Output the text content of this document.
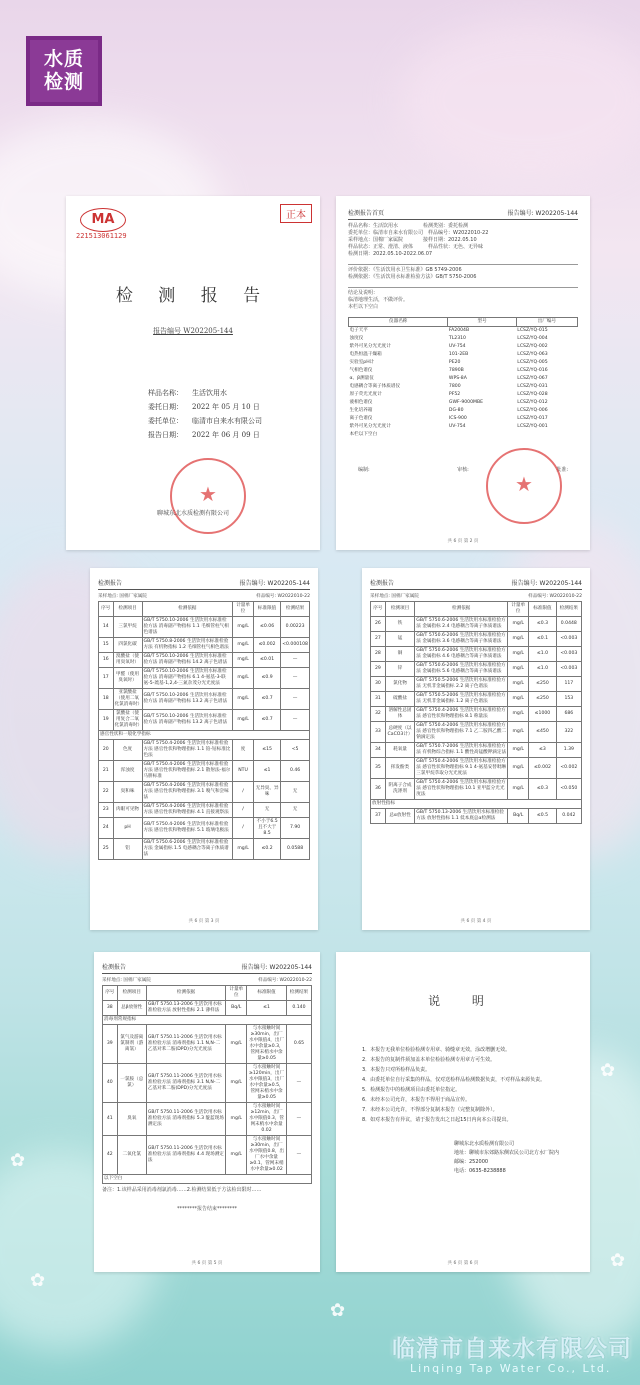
水质
检测
MA
221513061129
正本
检 测 报 告
报告编号 W202205-144
样品名称： 生活饮用水
委托日期： 2022 年 05 月 10 日
委托单位： 临清市自来水有限公司
报告日期： 2022 年 06 月 09 日
★
聊城东北水质检测有限公司
检测报告首页	报告编号: W202205-144
样品名称：生活饮用水　　　　　检测类别：委托检测
委托单位：临清市自来水有限公司　样品编号：W2022010-22
采样地点：国棉厂家属院　　　　接样日期：2022.05.10
样品状态：正常、澄清、液体　　　样品性状：无色、无异味
检测日期：2022.05.10-2022.06.07
评价依据：《生活饮用水卫生标准》GB 5749-2006
检测依据：《生活饮用水标准检验方法》GB/T 5750-2006
结论及说明：
临清地理生活，不做评价。
本栏以下空白
仪器名称	型号	出厂编号
电子天平	FA2004B	LCSZ/YQ-015
浊度仪	TL2310	LCSZ/YQ-004
紫外可见分光光度计	UV-754	LCSZ/YQ-002
电热恒温干燥箱	101-2EB	LCSZ/YQ-063
实验室pH计	PE20	LCSZ/YQ-005
气相色谱仪	7890B	LCSZ/YQ-016
α、β测量仪	WPS-8A	LCSZ/YQ-067
电感耦合等离子体质谱仪	7800	LCSZ/YQ-031
原子荧光光度计	PF52	LCSZ/YQ-028
液相色谱仪	GWF-9000MBE	LCSZ/YQ-012
生化培养箱	DG-80	LCSZ/YQ-006
离子色谱仪	ICS-900	LCSZ/YQ-017
紫外可见分光光度计	UV-754	LCSZ/YQ-001
本栏以下空白		
编制:	审核:	批准:
★
共 6 页 第 2 页
检测报告	报告编号: W202205-144
采样地点: 国棉厂家属院	样品编号: W2022010-22
序号	检测项目	检测依据	计量单位	标准限值	检测结果
14	三氯甲烷	GB/T 5750.10-2006 生活饮用水标准检验方法 消毒副产物指标 1.1 毛细管柱气相色谱法	mg/L	≤0.06	0.00223
15	四氯化碳	GB/T 5750.8-2006 生活饮用水标准检验方法 有机物指标 1.2 毛细管柱气相色谱法	mg/L	≤0.002	<0.000108
16	溴酸盐（使用臭氧时）	GB/T 5750.10-2006 生活饮用水标准检验方法 消毒副产物指标 14.2 离子色谱法	mg/L	≤0.01	—
17	甲醛（使用臭氧时）	GB/T 5750.10-2006 生活饮用水标准检验方法 消毒副产物指标 6.1 4-氨基-3-联氨-5-巯基-1,2,4-三氮杂茂分光光度法	mg/L	≤0.9	—
18	亚氯酸盐（使用二氧化氯消毒时）	GB/T 5750.10-2006 生活饮用水标准检验方法 消毒副产物指标 13.2 离子色谱法	mg/L	≤0.7	—
19	氯酸盐（使用复合二氧化氯消毒时）	GB/T 5750.10-2006 生活饮用水标准检验方法 消毒副产物指标 13.2 离子色谱法	mg/L	≤0.7	—
感官性状和一般化学指标					
20	色度	GB/T 5750.4-2006 生活饮用水标准检验方法 感官性状和物理指标 1.1 铂-钴标准比色法	度	≤15	<5
21	浑浊度	GB/T 5750.4-2006 生活饮用水标准检验方法 感官性状和物理指标 2.1 散射法-福尔马肼标准	NTU	≤1	0.46
22	臭和味	GB/T 5750.4-2006 生活饮用水标准检验方法 感官性状和物理指标 3.1 嗅气和尝味法	/	无异臭、异味	无
23	肉眼可见物	GB/T 5750.4-2006 生活饮用水标准检验方法 感官性状和物理指标 4.1 直接观察法	/	无	无
24	pH	GB/T 5750.4-2006 生活饮用水标准检验方法 感官性状和物理指标 5.1 玻璃电极法	/	不小于6.5且不大于8.5	7.90
25	铝	GB/T 5750.6-2006 生活饮用水标准检验方法 金属指标 1.5 电感耦合等离子体质谱法	mg/L	≤0.2	0.0588
共 6 页 第 3 页
检测报告	报告编号: W202205-144
采样地点: 国棉厂家属院	样品编号: W2022010-22
序号	检测项目	检测依据	计量单位	标准限值	检测结果
26	铁	GB/T 5750.6-2006 生活饮用水标准检验方法 金属指标 2.4 电感耦合等离子体质谱法	mg/L	≤0.3	0.0448
27	锰	GB/T 5750.6-2006 生活饮用水标准检验方法 金属指标 3.6 电感耦合等离子体质谱法	mg/L	≤0.1	<0.003
28	铜	GB/T 5750.6-2006 生活饮用水标准检验方法 金属指标 4.6 电感耦合等离子体质谱法	mg/L	≤1.0	<0.003
29	锌	GB/T 5750.6-2006 生活饮用水标准检验方法 金属指标 5.6 电感耦合等离子体质谱法	mg/L	≤1.0	<0.003
30	氯化物	GB/T 5750.5-2006 生活饮用水标准检验方法 无机非金属指标 2.2 离子色谱法	mg/L	≤250	117
31	硫酸盐	GB/T 5750.5-2006 生活饮用水标准检验方法 无机非金属指标 1.2 离子色谱法	mg/L	≤250	153
32	溶解性总固体	GB/T 5750.4-2006 生活饮用水标准检验方法 感官性状和物理指标 8.1 称量法	mg/L	≤1000	686
33	总硬度（以CaCO3计）	GB/T 5750.4-2006 生活饮用水标准检验方法 感官性状和物理指标 7.1 乙二胺四乙酸二钠滴定法	mg/L	≤450	322
34	耗氧量	GB/T 5750.7-2006 生活饮用水标准检验方法 有机物综合指标 1.1 酸性高锰酸钾滴定法	mg/L	≤3	1.39
35	挥发酚类	GB/T 5750.4-2006 生活饮用水标准检验方法 感官性状和物理指标 9.1 4-氨基安替吡啉三氯甲烷萃取分光光度法	mg/L	≤0.002	<0.002
36	阴离子合成洗涤剂	GB/T 5750.4-2006 生活饮用水标准检验方法 感官性状和物理指标 10.1 亚甲蓝分光光度法	mg/L	≤0.3	<0.050
放射性指标					
37	总α放射性	GB/T 5750.13-2006 生活饮用水标准检验方法 放射性指标 1.1 低本底总α检测法	Bq/L	≤0.5	0.042
共 6 页 第 4 页
检测报告	报告编号: W202205-144
采样地点: 国棉厂家属院	样品编号: W2022010-22
序号	检测项目	检测依据	计量单位	标准限值	检测结果
38	总β放射性	GB/T 5750.13-2006 生活饮用水标准检验方法 放射性指标 2.1 薄样法	Bq/L	≤1	0.140
消毒剂常规指标					
39	氯气及游离氯制剂（游离氯）	GB/T 5750.11-2006 生活饮用水标准检验方法 消毒剂指标 1.1 N,N-二乙基对苯二胺(DPD)分光光度法	mg/L	与水接触时间≥30min，出厂水中限值4，出厂水中余量≥0.3，管网末梢水中余量≥0.05	0.65
40	一氯胺（总氯）	GB/T 5750.11-2006 生活饮用水标准检验方法 消毒剂指标 3.1 N,N-二乙基对苯二胺(DPD)分光光度法	mg/L	与水接触时间≥120min，出厂水中限值3，出厂水中余量≥0.5，管网末梢水中余量≥0.05	—
41	臭氧	GB/T 5750.11-2006 生活饮用水标准检验方法 消毒剂指标 5.3 靛蓝现场测定法	mg/L	与水接触时间≥12min，出厂水中限值0.3，管网末梢水中余量0.02	—
42	二氧化氯	GB/T 5750.11-2006 生活饮用水标准检验方法 消毒剂指标 4.4 现场测定法	mg/L	与水接触时间≥30min，出厂水中限值0.8，出厂水中余量≥0.1，管网末梢水中余量≥0.02	—
以下空白					
备注：1.该样品采用消毒剂氯消毒……2.检测结果低于方法检出限时……
********报告结束********
共 6 页 第 5 页
说 明
1．本报告无我单位检验检测专用章、骑缝章无效，涂改增删无效。
2．本报告的复制件须加盖本单位检验检测专用章方可生效。
3．本报告只对所检样品负责。
4．由委托单位自行采集的样品，仅对送检样品检测数据负责，不对样品来源负责。
5．检测报告中的检测项目由委托单位指定。
6．未经本公司允许，本报告不得用于商品宣传。
7．未经本公司允许，不得部分复制本报告（完整复制除外）。
8．如对本报告有异议，请于报告发出之日起15日内向本公司提出。
聊城东北水质检测有限公司
地址：聊城市东郊路东侧农民公司北方水厂院内
邮编：252000
电话：0635-8238888
共 6 页 第 6 页
✿
✿
✿
✿
✿
临清市自来水有限公司
Linqing Tap Water Co., Ltd.
